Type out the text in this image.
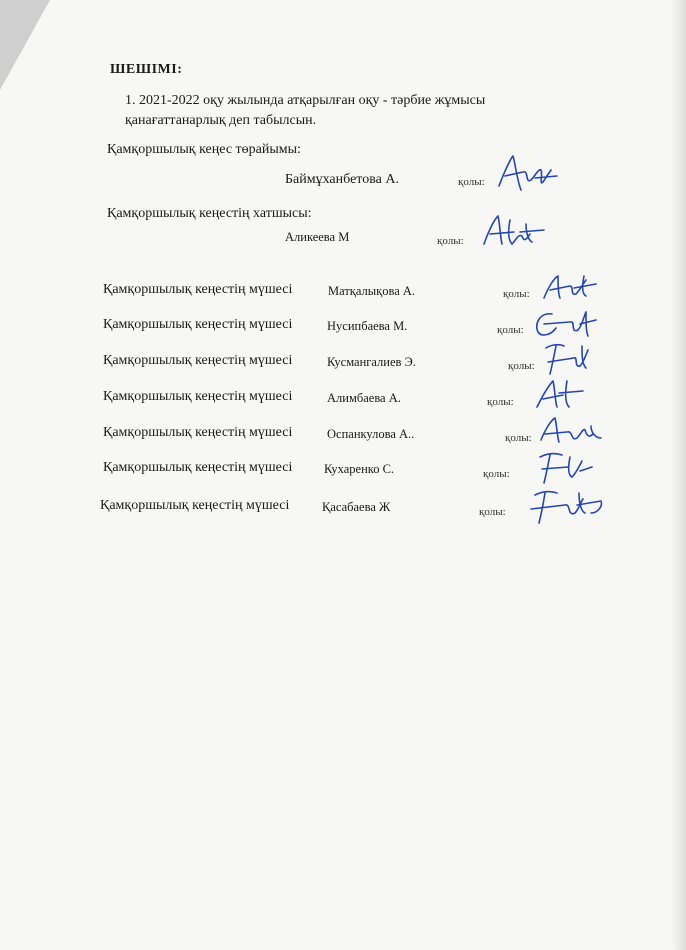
ШЕШІМІ:
1. 2021-2022 оқу жылында атқарылған оқу - тәрбие жұмысы
қанағаттанарлық деп табылсын.
Қамқоршылық кеңес төрайымы:
Баймұханбетова А.	қолы:
Қамқоршылық кеңестің хатшысы:
Аликеева М	қолы:
Қамқоршылық кеңестің мүшесі	Матқалықова А.	қолы:
Қамқоршылық кеңестің мүшесі	Нусипбаева М.	қолы:
Қамқоршылық кеңестің мүшесі	Кусмангалиев Э.	қолы:
Қамқоршылық кеңестің мүшесі	Алимбаева А.	қолы:
Қамқоршылық кеңестің мүшесі	Оспанкулова А..	қолы:
Қамқоршылық кеңестің мүшесі	Кухаренко С.	қолы:
Қамқоршылық кеңестің мүшесі	Қасабаева Ж	қолы:
